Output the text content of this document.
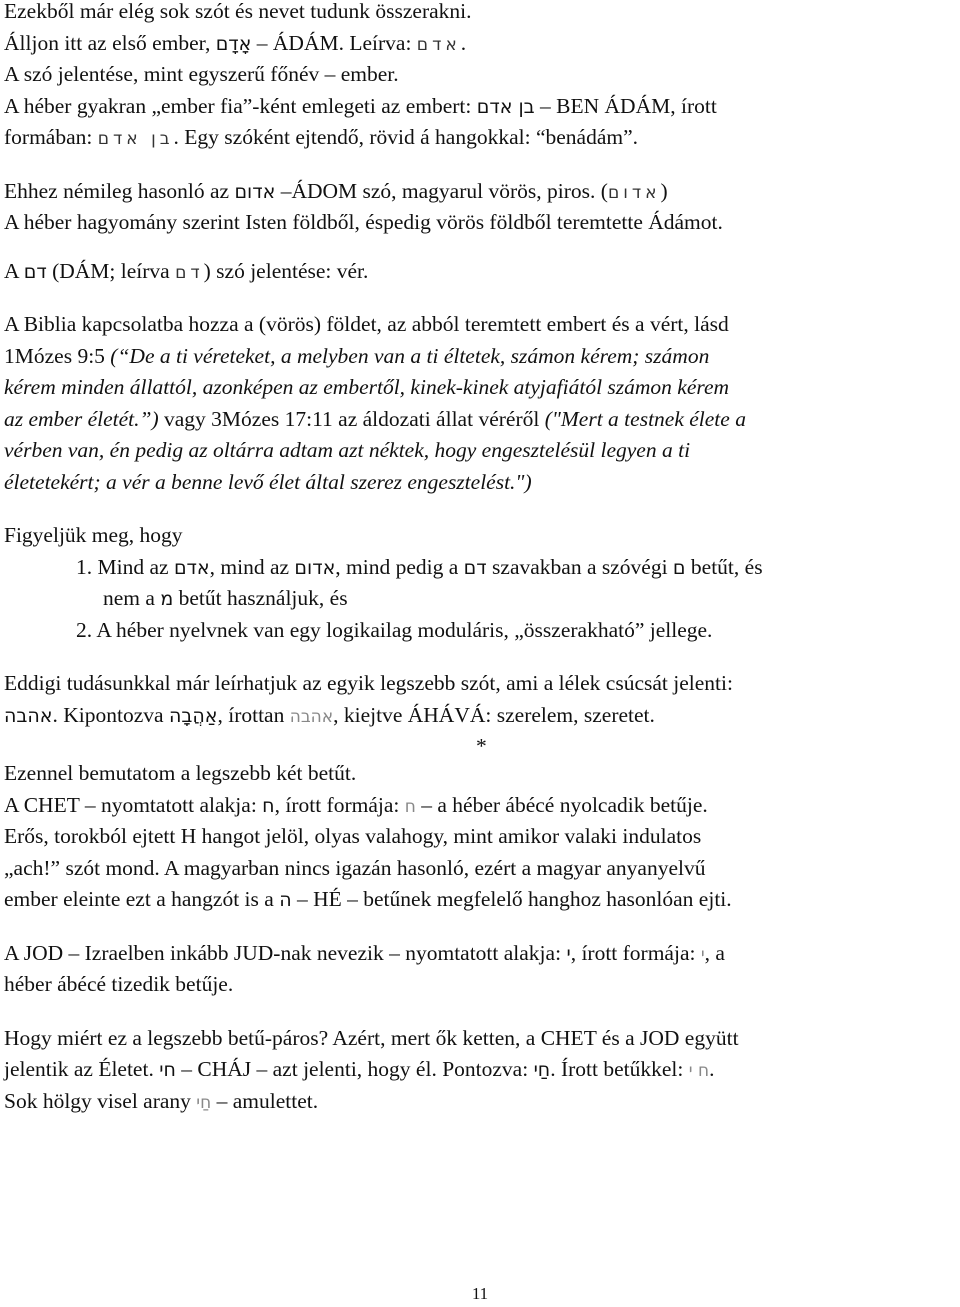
Ezekből már elég sok szót és nevet tudunk összerakni.
Álljon itt az első ember, אָדָם – ÁDÁM. Leírva: אדם.
A szó jelentése, mint egyszerű főnév – ember.
A héber gyakran „ember fia”-ként emlegeti az embert: בן אדם – BEN ÁDÁM, írott
formában: בן אדם. Egy szóként ejtendő, rövid á hangokkal: “benádám”.
Ehhez némileg hasonló az אדום –ÁDOM szó, magyarul vörös, piros. (אדום)
A héber hagyomány szerint Isten földből, éspedig vörös földből teremtette Ádámot.
A דם (DÁM; leírva דם) szó jelentése: vér.
A Biblia kapcsolatba hozza a (vörös) földet, az abból teremtett embert és a vért, lásd
1Mózes 9:5 (“De a ti véreteket, a melyben van a ti éltetek, számon kérem; számon
kérem minden állattól, azonképen az embertől, kinek-kinek atyjafiától számon kérem
az ember életét.”) vagy 3Mózes 17:11 az áldozati állat véréről ("Mert a testnek élete a
vérben van, én pedig az oltárra adtam azt néktek, hogy engesztelésül legyen a ti
életetekért; a vér a benne levő élet által szerez engesztelést.")
Figyeljük meg, hogy
1. Mind az אדם, mind az אדום, mind pedig a דם szavakban a szóvégi ם betűt, és
nem a מ betűt használjuk, és
2. A héber nyelvnek van egy logikailag moduláris, „összerakható” jellege.
Eddigi tudásunkkal már leírhatjuk az egyik legszebb szót, ami a lélek csúcsát jelenti:
אהבה. Kipontozva אַהֲבָה, írottan אהבה, kiejtve ÁHÁVÁ: szerelem, szeretet.
*
Ezennel bemutatom a legszebb két betűt.
A CHET – nyomtatott alakja: ח, írott formája: ח – a héber ábécé nyolcadik betűje.
Erős, torokból ejtett H hangot jelöl, olyas valahogy, mint amikor valaki indulatos
„ach!” szót mond. A magyarban nincs igazán hasonló, ezért a magyar anyanyelvű
ember eleinte ezt a hangzót is a ה – HÉ – betűnek megfelelő hanghoz hasonlóan ejti.
A JOD – Izraelben inkább JUD-nak nevezik – nyomtatott alakja: י, írott formája: י, a
héber ábécé tizedik betűje.
Hogy miért ez a legszebb betű-páros? Azért, mert ők ketten, a CHET és a JOD együtt
jelentik az Életet. חי – CHÁJ – azt jelenti, hogy él. Pontozva: חַי. Írott betűkkel: ח י.
Sok hölgy visel arany חַי – amulettet.
11
